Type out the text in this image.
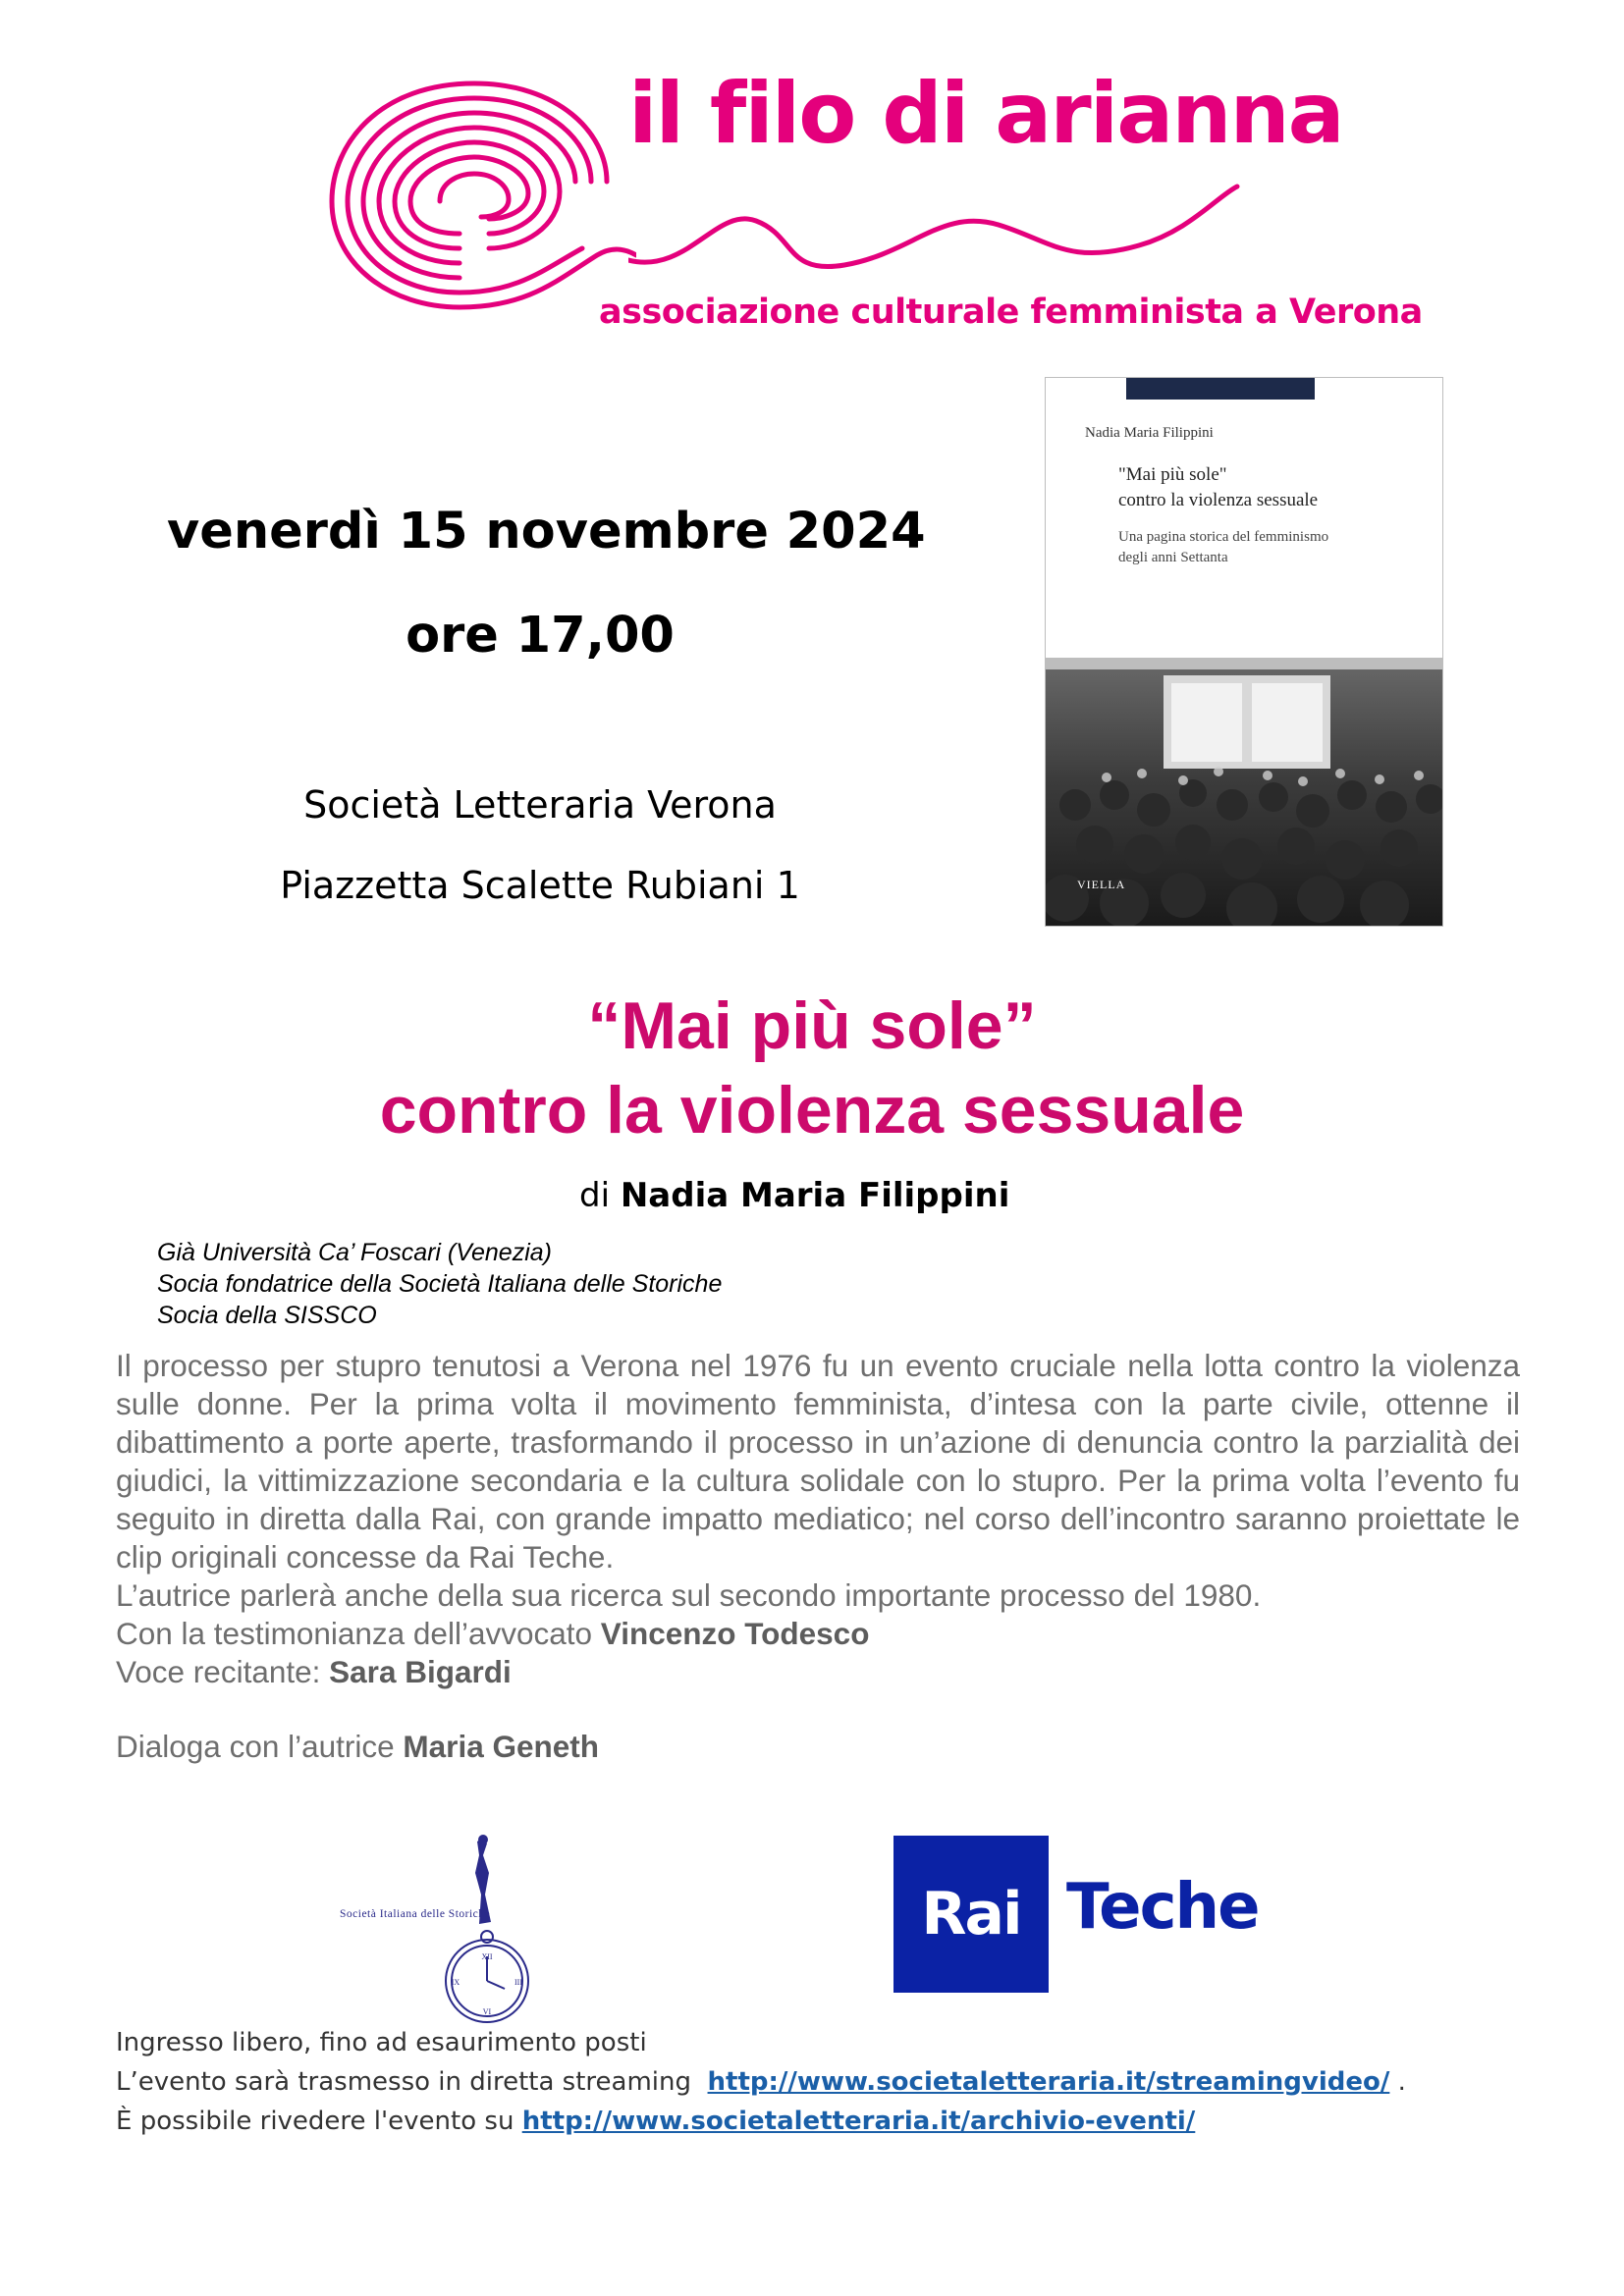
il filo di arianna
associazione culturale femminista a Verona
venerdì 15 novembre 2024
ore 17,00
Società Letteraria Verona
Piazzetta Scalette Rubiani 1
Nadia Maria Filippini
"Mai più sole"
contro la violenza sessuale
Una pagina storica del femminismo
degli anni Settanta
VIELLA
“Mai più sole”
contro la violenza sessuale
di Nadia Maria Filippini
Già Università Ca’ Foscari (Venezia)
Socia fondatrice della Società Italiana delle Storiche
Socia della SISSCO
Il processo per stupro tenutosi a Verona nel 1976 fu un evento cruciale nella lotta contro la violenza sulle donne. Per la prima volta il movimento femminista, d’intesa con la parte civile, ottenne il dibattimento a porte aperte, trasformando il processo in un’azione di denuncia contro la parzialità dei giudici, la vittimizzazione secondaria e la cultura solidale con lo stupro. Per la prima volta l’evento fu seguito in diretta dalla Rai, con grande impatto mediatico; nel corso dell’incontro saranno proiettate le clip originali concesse da Rai Teche.
L’autrice parlerà anche della sua ricerca sul secondo importante processo del 1980.
Con la testimonianza dell’avvocato Vincenzo Todesco
Voce recitante: Sara Bigardi
Dialoga con l’autrice Maria Geneth
XII
III
VI
IX
Società Italiana delle Storiche	Rai Teche
Ingresso libero, fino ad esaurimento posti
L’evento sarà trasmesso in diretta streaming http://www.societaletteraria.it/streamingvideo/ .
È possibile rivedere l'evento su http://www.societaletteraria.it/archivio-eventi/
